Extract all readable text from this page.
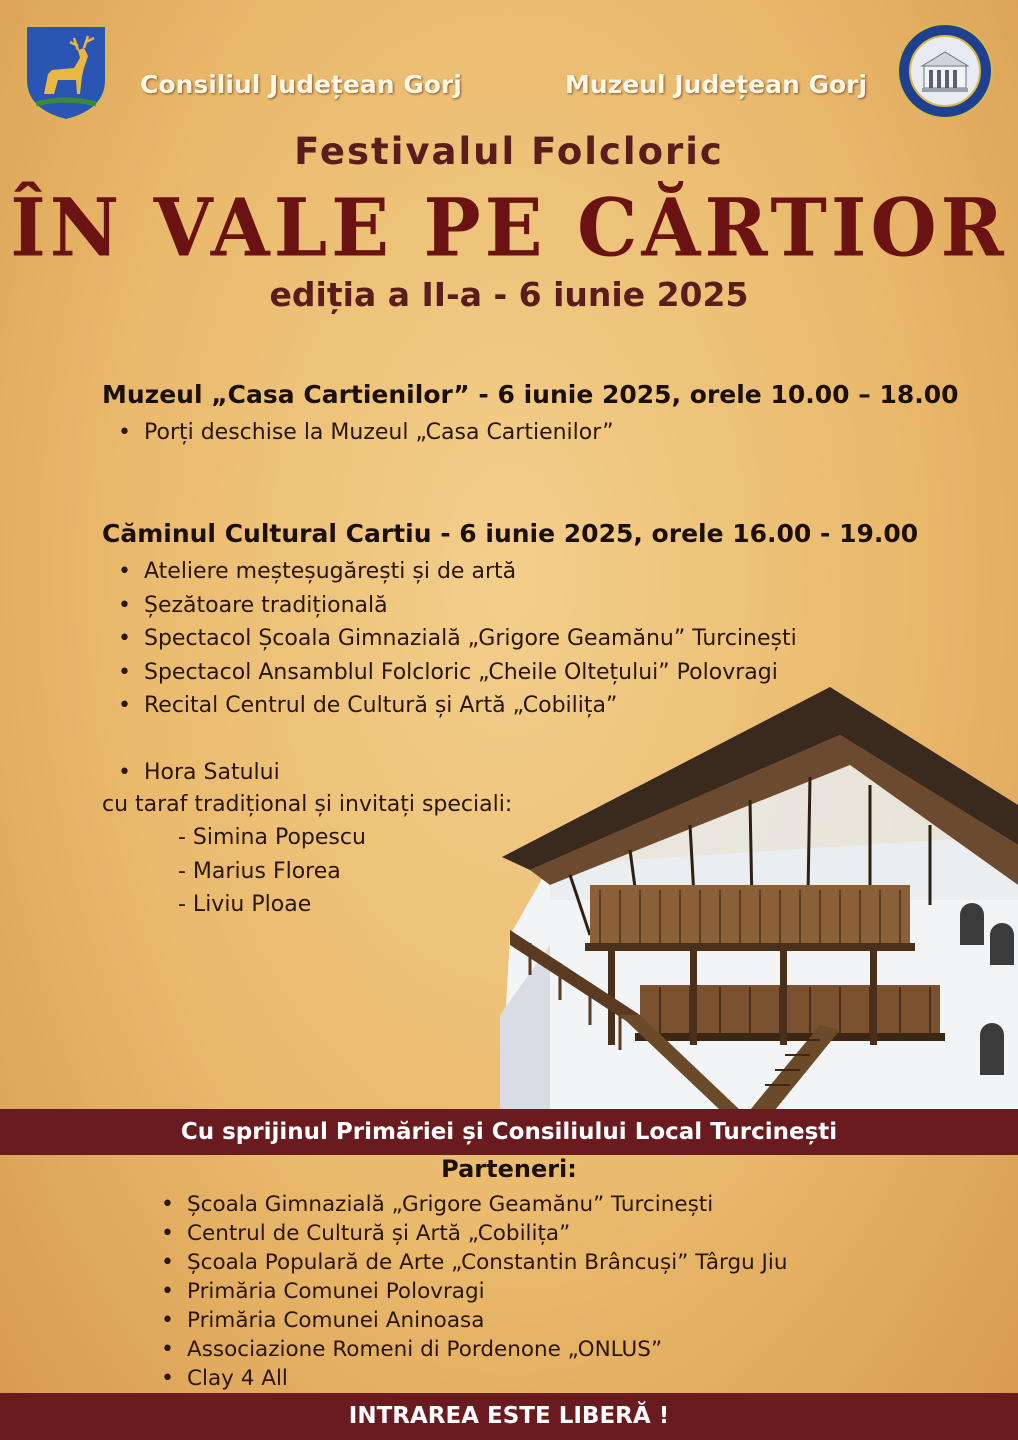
Consiliul Județean Gorj	Muzeul Județean Gorj
Festivalul Folcloric
ÎN VALE PE CĂRTIOR
ediția a II-a - 6 iunie 2025
Muzeul „Casa Cartienilor” - 6 iunie 2025, orele 10.00 – 18.00
• Porți deschise la Muzeul „Casa Cartienilor”
Căminul Cultural Cartiu - 6 iunie 2025, orele 16.00 - 19.00
• Ateliere meșteșugărești și de artă
• Șezătoare tradițională
• Spectacol Școala Gimnazială „Grigore Geamănu” Turcinești
• Spectacol Ansamblul Folcloric „Cheile Oltețului” Polovragi
• Recital Centrul de Cultură și Artă „Cobilița”
• Hora Satului
cu taraf tradițional și invitați speciali:
- Simina Popescu
- Marius Florea
- Liviu Ploae
Cu sprijinul Primăriei și Consiliului Local Turcinești
Parteneri:
• Școala Gimnazială „Grigore Geamănu” Turcinești
• Centrul de Cultură și Artă „Cobilița”
• Școala Populară de Arte „Constantin Brâncuși” Târgu Jiu
• Primăria Comunei Polovragi
• Primăria Comunei Aninoasa
• Associazione Romeni di Pordenone „ONLUS”
• Clay 4 All
INTRAREA ESTE LIBERĂ !
